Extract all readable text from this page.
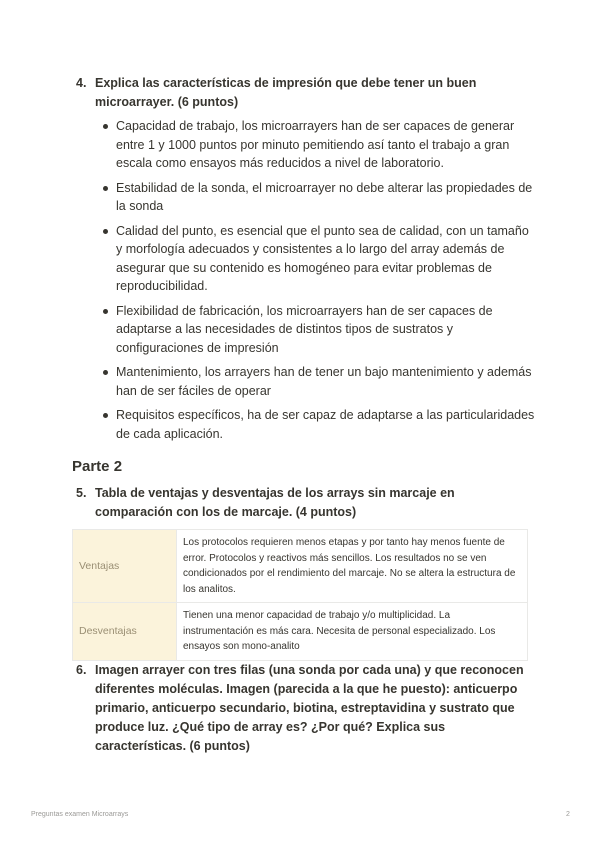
4. Explica las características de impresión que debe tener un buen microarrayer. (6 puntos)
Capacidad de trabajo, los microarrayers han de ser capaces de generar entre 1 y 1000 puntos por minuto pemitiendo así tanto el trabajo a gran escala como ensayos más reducidos a nivel de laboratorio.
Estabilidad de la sonda, el microarrayer no debe alterar las propiedades de la sonda
Calidad del punto, es esencial que el punto sea de calidad, con un tamaño y morfología adecuados y consistentes a lo largo del array además de asegurar que su contenido es homogéneo para evitar problemas de reproducibilidad.
Flexibilidad de fabricación, los microarrayers han de ser capaces de adaptarse a las necesidades de distintos tipos de sustratos y configuraciones de impresión
Mantenimiento, los arrayers han de tener un bajo mantenimiento y además han de ser fáciles de operar
Requisitos específicos, ha de ser capaz de adaptarse a las particularidades de cada aplicación.
Parte 2
5. Tabla de ventajas y desventajas de los arrays sin marcaje en comparación con los de marcaje. (4 puntos)
Ventajas	Los protocolos requieren menos etapas y por tanto hay menos fuente de error. Protocolos y reactivos más sencillos. Los resultados no se ven condicionados por el rendimiento del marcaje. No se altera la estructura de los analitos.
Desventajas	Tienen una menor capacidad de trabajo y/o multiplicidad. La instrumentación es más cara. Necesita de personal especializado. Los ensayos son mono-analito
6. Imagen arrayer con tres filas (una sonda por cada una) y que reconocen diferentes moléculas. Imagen (parecida a la que he puesto): anticuerpo primario, anticuerpo secundario, biotina, estreptavidina y sustrato que produce luz. ¿Qué tipo de array es? ¿Por qué? Explica sus características. (6 puntos)
Preguntas examen Microarrays	2
